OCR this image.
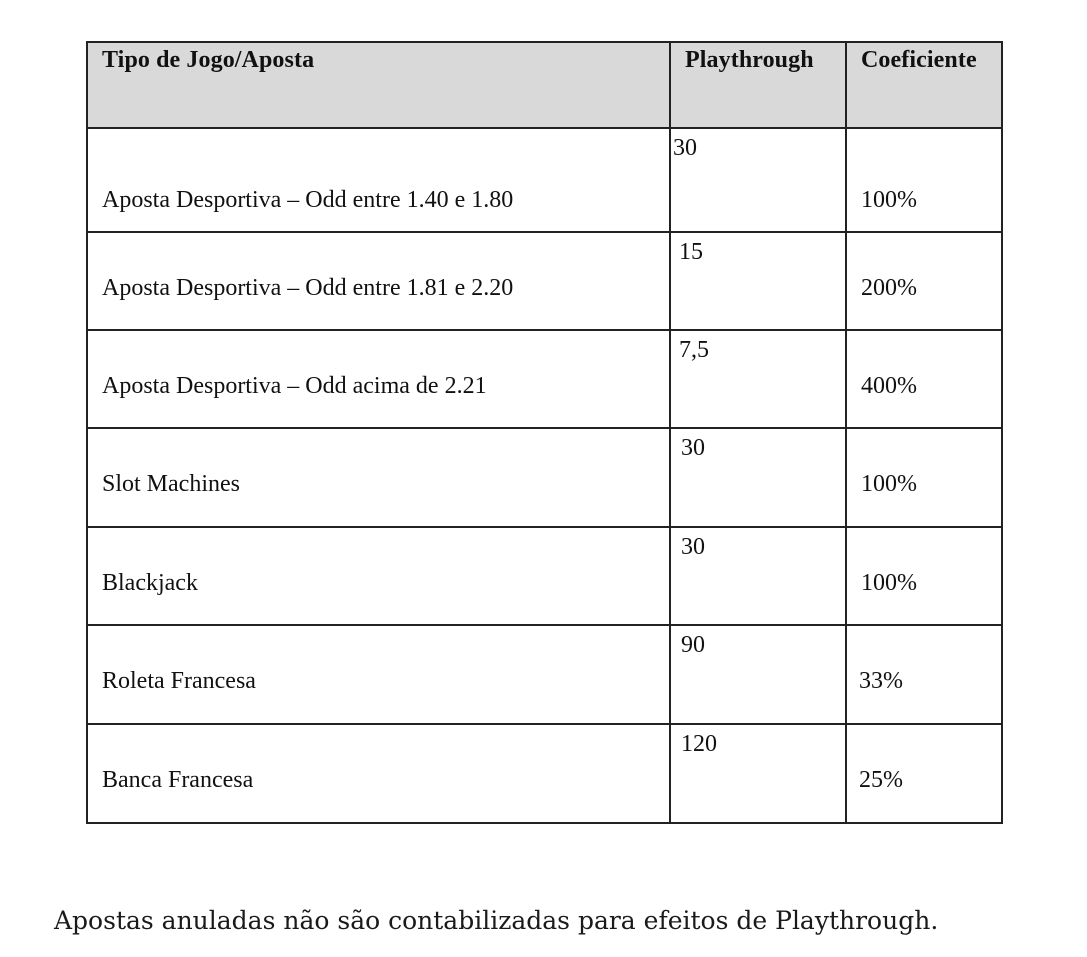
Tipo de Jogo/Aposta	Playthrough Coeficiente
Aposta Desportiva – Odd entre 1.40 e 1.80
30
100%
Aposta Desportiva – Odd entre 1.81 e 2.20
15
200%
Aposta Desportiva – Odd acima de 2.21
7,5
400%
Slot Machines
30
100%
Blackjack
30
100%
Roleta Francesa
90
33%
Banca Francesa
120
25%
Apostas anuladas não são contabilizadas para efeitos de Playthrough.
